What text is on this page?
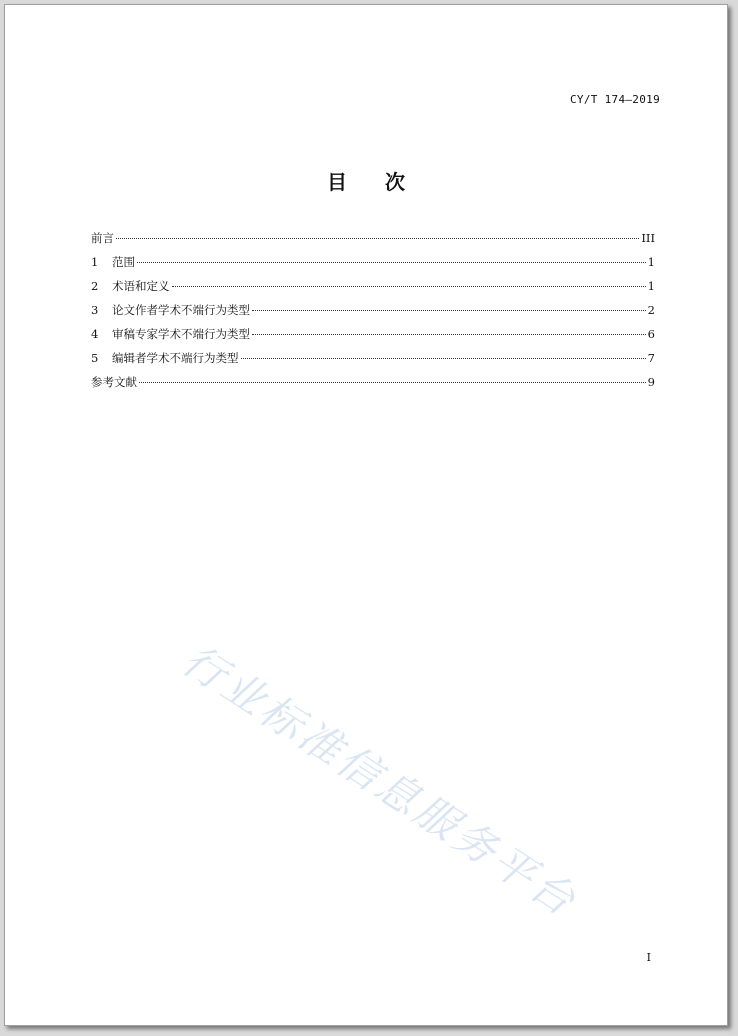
CY/T 174—2019
目 次
前言	III
1	范围	1
2	术语和定义	1
3	论文作者学术不端行为类型	2
4	审稿专家学术不端行为类型	6
5	编辑者学术不端行为类型	7
参考文献	9
行业标准信息服务平台
I
